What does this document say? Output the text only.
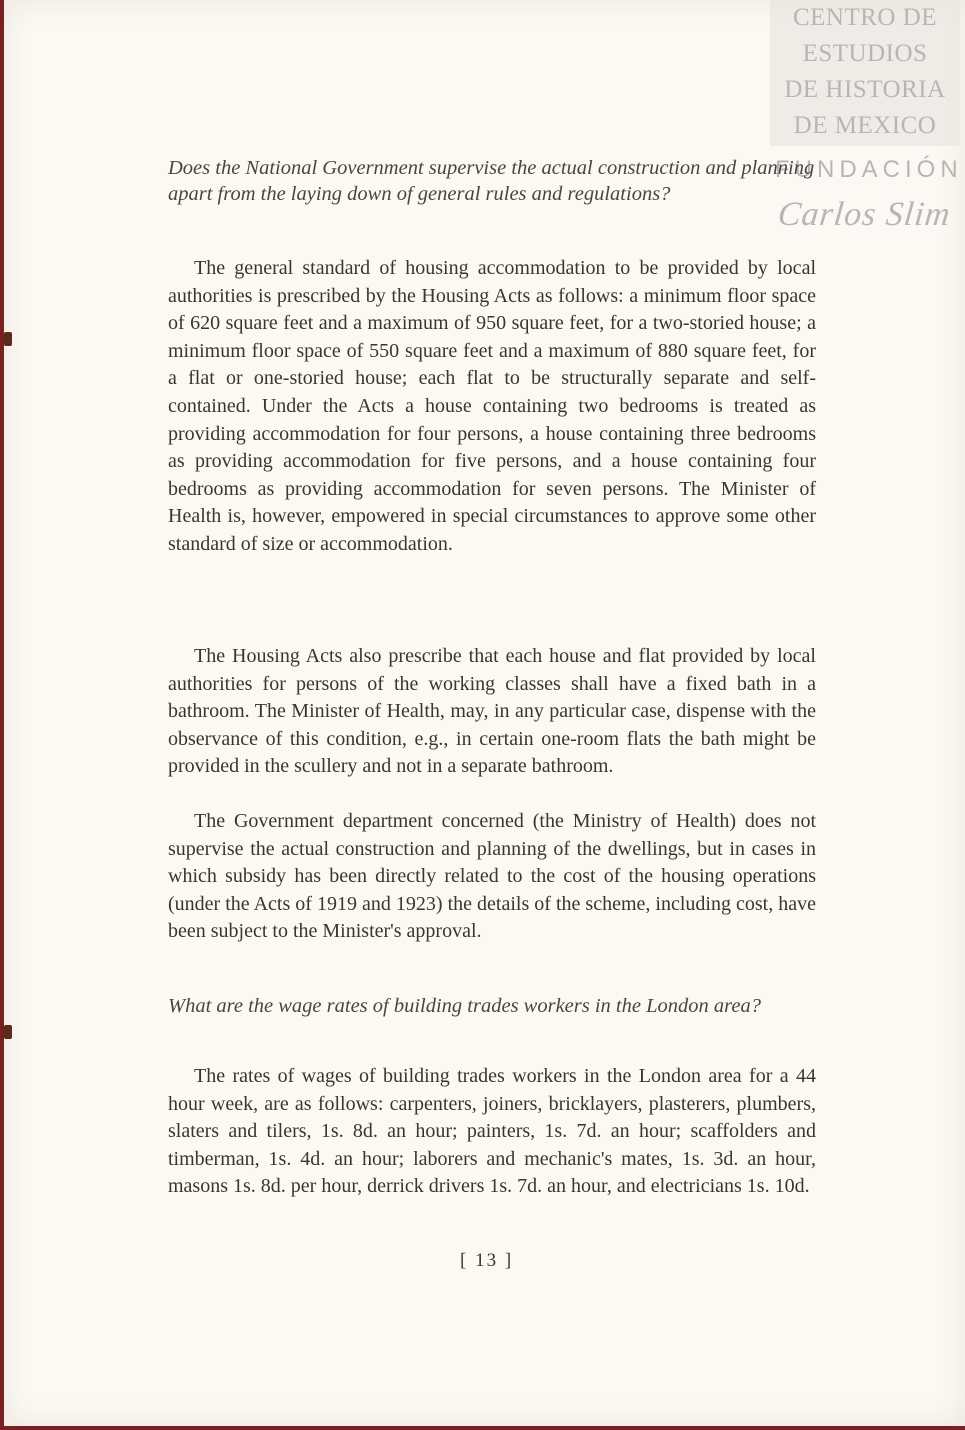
CENTRO DE
ESTUDIOS
DE HISTORIA
DE MEXICO
FUNDACIÓN
Carlos Slim
Does the National Government supervise the actual construction and planning apart from the laying down of general rules and regulations?

The general standard of housing accommodation to be provided by local authorities is prescribed by the Housing Acts as follows: a minimum floor space of 620 square feet and a maximum of 950 square feet, for a two-storied house; a minimum floor space of 550 square feet and a maximum of 880 square feet, for a flat or one-storied house; each flat to be structurally separate and self-contained. Under the Acts a house containing two bedrooms is treated as providing accommodation for four persons, a house containing three bedrooms as providing accommodation for five persons, and a house containing four bedrooms as providing accommodation for seven persons. The Minister of Health is, however, empowered in special circumstances to approve some other standard of size or accommodation.

The Housing Acts also prescribe that each house and flat provided by local authorities for persons of the working classes shall have a fixed bath in a bathroom. The Minister of Health, may, in any particular case, dispense with the observance of this condition, e.g., in certain one-room flats the bath might be provided in the scullery and not in a separate bathroom.

The Government department concerned (the Ministry of Health) does not supervise the actual construction and planning of the dwellings, but in cases in which subsidy has been directly related to the cost of the housing operations (under the Acts of 1919 and 1923) the details of the scheme, including cost, have been subject to the Minister's approval.

What are the wage rates of building trades workers in the London area?

The rates of wages of building trades workers in the London area for a 44 hour week, are as follows: carpenters, joiners, bricklayers, plasterers, plumbers, slaters and tilers, 1s. 8d. an hour; painters, 1s. 7d. an hour; scaffolders and timberman, 1s. 4d. an hour; laborers and mechanic's mates, 1s. 3d. an hour, masons 1s. 8d. per hour, derrick drivers 1s. 7d. an hour, and electricians 1s. 10d.

[ 13 ]
